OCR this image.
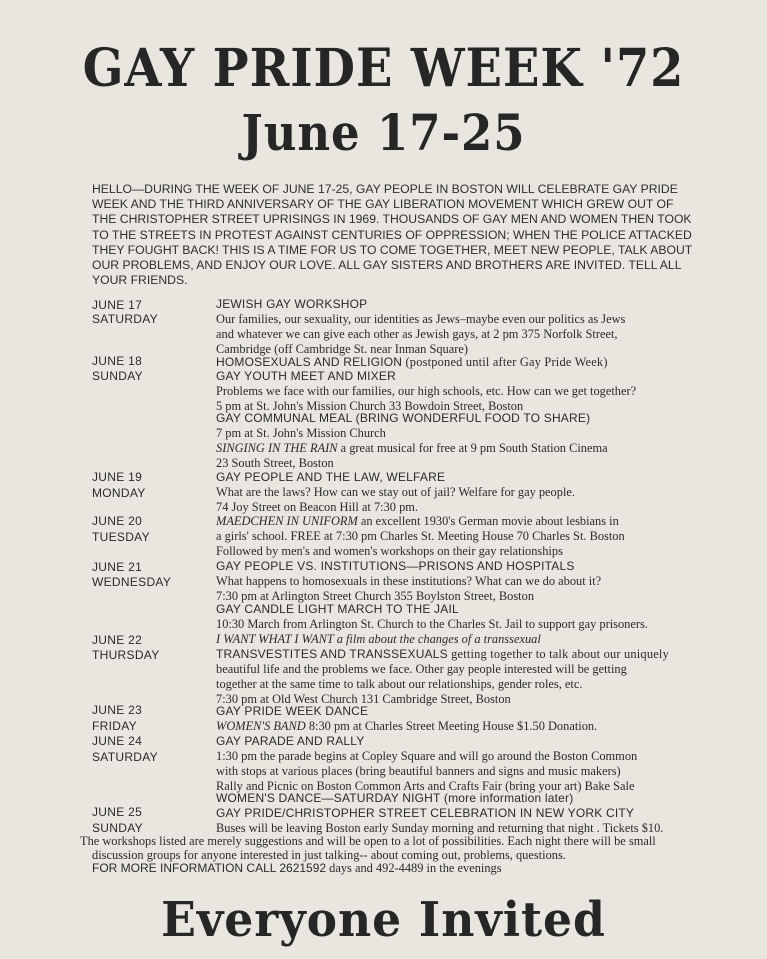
GAY PRIDE WEEK '72
June 17-25
HELLO—DURING THE WEEK OF JUNE 17-25, GAY PEOPLE IN BOSTON WILL CELEBRATE GAY PRIDE WEEK AND THE THIRD ANNIVERSARY OF THE GAY LIBERATION MOVEMENT WHICH GREW OUT OF THE CHRISTOPHER STREET UPRISINGS IN 1969. THOUSANDS OF GAY MEN AND WOMEN THEN TOOK TO THE STREETS IN PROTEST AGAINST CENTURIES OF OPPRESSION; WHEN THE POLICE ATTACKED THEY FOUGHT BACK! THIS IS A TIME FOR US TO COME TOGETHER, MEET NEW PEOPLE, TALK ABOUT OUR PROBLEMS, AND ENJOY OUR LOVE. ALL GAY SISTERS AND BROTHERS ARE INVITED. TELL ALL YOUR FRIENDS.
JUNE 17
SATURDAY
JUNE 18
SUNDAY
JUNE 19
MONDAY
JUNE 20
TUESDAY
JUNE 21
WEDNESDAY
JUNE 22
THURSDAY
JUNE 23
FRIDAY
JUNE 24
SATURDAY
JUNE 25
SUNDAY
JEWISH GAY WORKSHOP
Our families, our sexuality, our identities as Jews–maybe even our politics as Jews
and whatever we can give each other as Jewish gays, at 2 pm 375 Norfolk Street,
Cambridge (off Cambridge St. near Inman Square)
HOMOSEXUALS AND RELIGION (postponed until after Gay Pride Week)
GAY YOUTH MEET AND MIXER
Problems we face with our families, our high schools, etc. How can we get together?
5 pm at St. John's Mission Church 33 Bowdoin Street, Boston
GAY COMMUNAL MEAL (BRING WONDERFUL FOOD TO SHARE)
7 pm at St. John's Mission Church
SINGING IN THE RAIN a great musical for free at 9 pm South Station Cinema
23 South Street, Boston
GAY PEOPLE AND THE LAW, WELFARE
What are the laws? How can we stay out of jail? Welfare for gay people.
74 Joy Street on Beacon Hill at 7:30 pm.
MAEDCHEN IN UNIFORM an excellent 1930's German movie about lesbians in
a girls' school. FREE at 7:30 pm Charles St. Meeting House 70 Charles St. Boston
Followed by men's and women's workshops on their gay relationships
GAY PEOPLE VS. INSTITUTIONS—PRISONS AND HOSPITALS
What happens to homosexuals in these institutions? What can we do about it?
7:30 pm at Arlington Street Church 355 Boylston Street, Boston
GAY CANDLE LIGHT MARCH TO THE JAIL
10:30 March from Arlington St. Church to the Charles St. Jail to support gay prisoners.
I WANT WHAT I WANT a film about the changes of a transsexual
TRANSVESTITES AND TRANSSEXUALS getting together to talk about our uniquely
beautiful life and the problems we face. Other gay people interested will be getting
together at the same time to talk about our relationships, gender roles, etc.
7:30 pm at Old West Church 131 Cambridge Street, Boston
GAY PRIDE WEEK DANCE
WOMEN'S BAND 8:30 pm at Charles Street Meeting House $1.50 Donation.
GAY PARADE AND RALLY
1:30 pm the parade begins at Copley Square and will go around the Boston Common
with stops at various places (bring beautiful banners and signs and music makers)
Rally and Picnic on Boston Common Arts and Crafts Fair (bring your art) Bake Sale
WOMEN'S DANCE—SATURDAY NIGHT (more information later)
GAY PRIDE/CHRISTOPHER STREET CELEBRATION IN NEW YORK CITY
Buses will be leaving Boston early Sunday morning and returning that night . Tickets $10.
The workshops listed are merely suggestions and will be open to a lot of possibilities. Each night there will be small
discussion groups for anyone interested in just talking-- about coming out, problems, questions.
FOR MORE INFORMATION CALL 2621592 days and 492-4489 in the evenings
Everyone Invited
